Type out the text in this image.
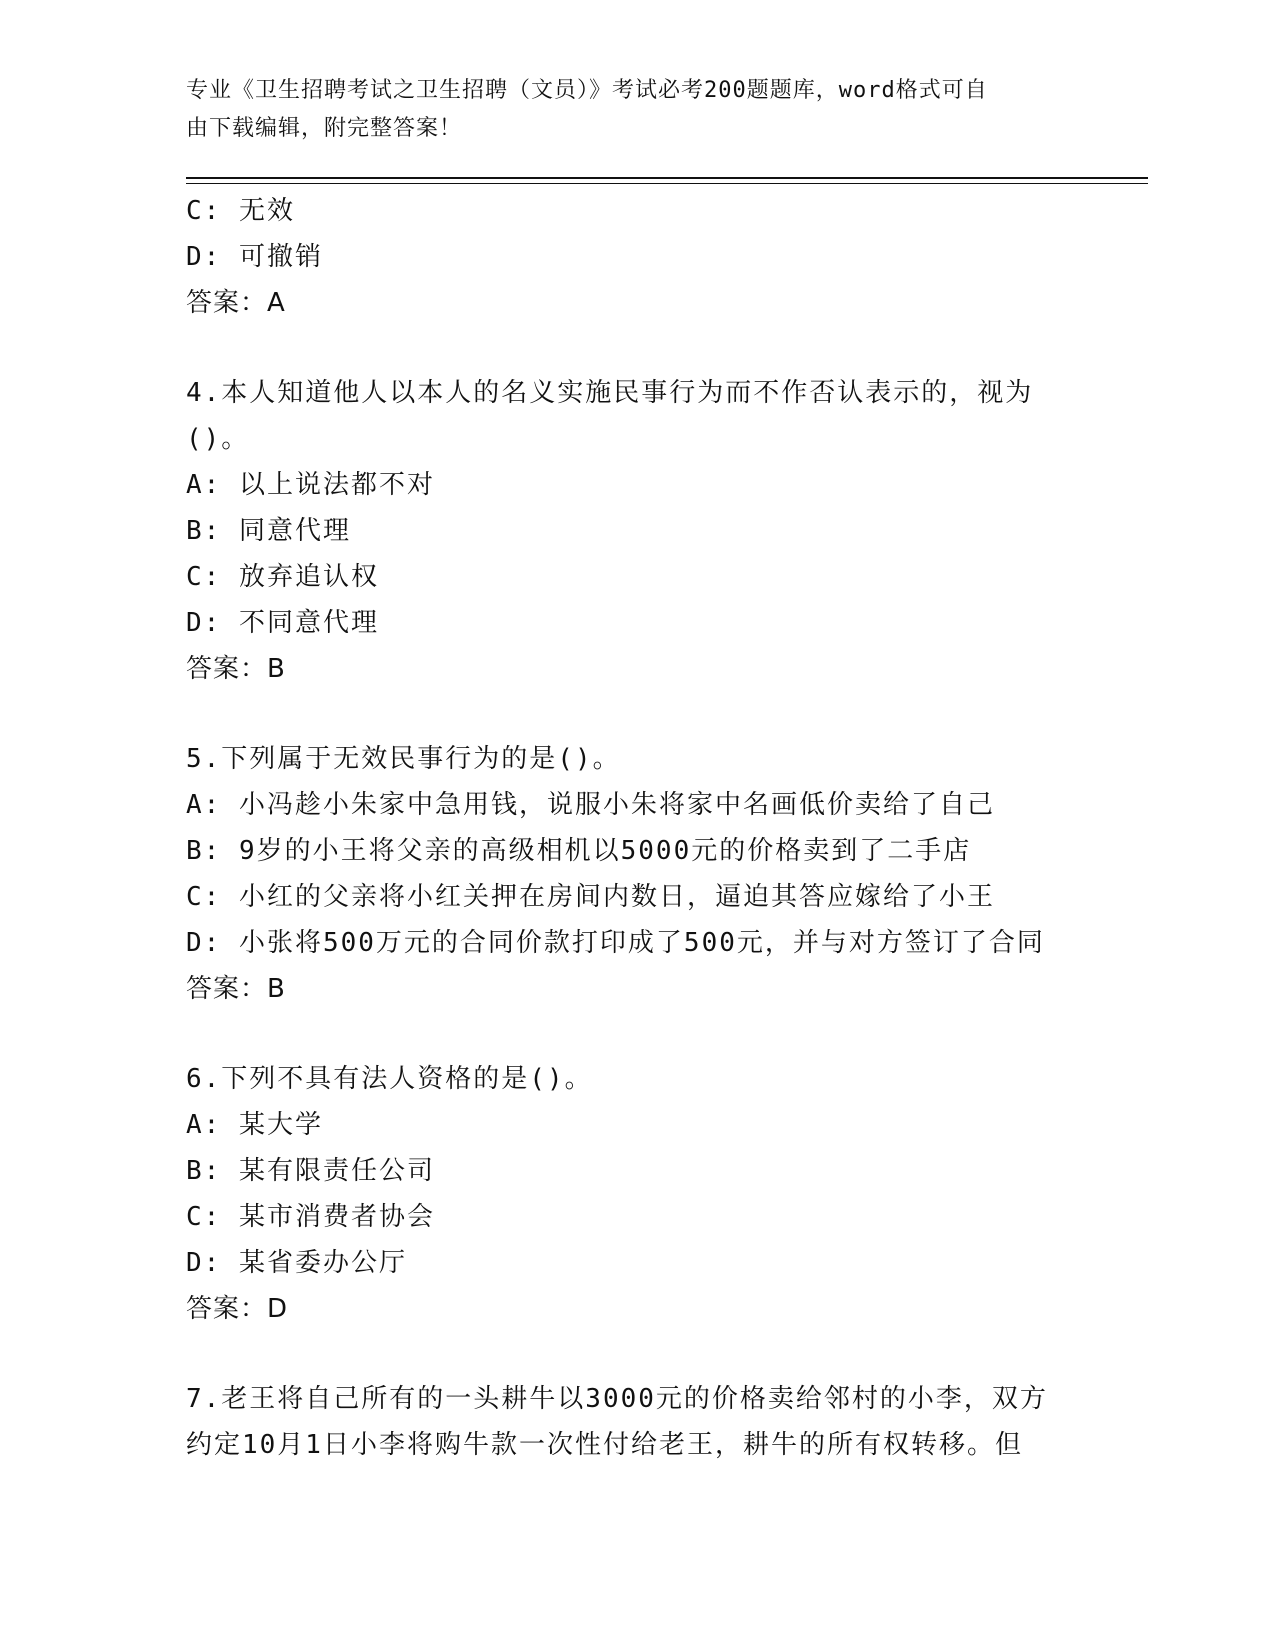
专业《卫生招聘考试之卫生招聘（文员）》考试必考200题题库，word格式可自
由下载编辑，附完整答案！
C: 无效
D: 可撤销
答案：A
4.本人知道他人以本人的名义实施民事行为而不作否认表示的，视为
()。
A: 以上说法都不对
B: 同意代理
C: 放弃追认权
D: 不同意代理
答案：B
5.下列属于无效民事行为的是()。
A: 小冯趁小朱家中急用钱，说服小朱将家中名画低价卖给了自己
B: 9岁的小王将父亲的高级相机以5000元的价格卖到了二手店
C: 小红的父亲将小红关押在房间内数日，逼迫其答应嫁给了小王
D: 小张将500万元的合同价款打印成了500元，并与对方签订了合同
答案：B
6.下列不具有法人资格的是()。
A: 某大学
B: 某有限责任公司
C: 某市消费者协会
D: 某省委办公厅
答案：D
7.老王将自己所有的一头耕牛以3000元的价格卖给邻村的小李，双方
约定10月1日小李将购牛款一次性付给老王，耕牛的所有权转移。但
